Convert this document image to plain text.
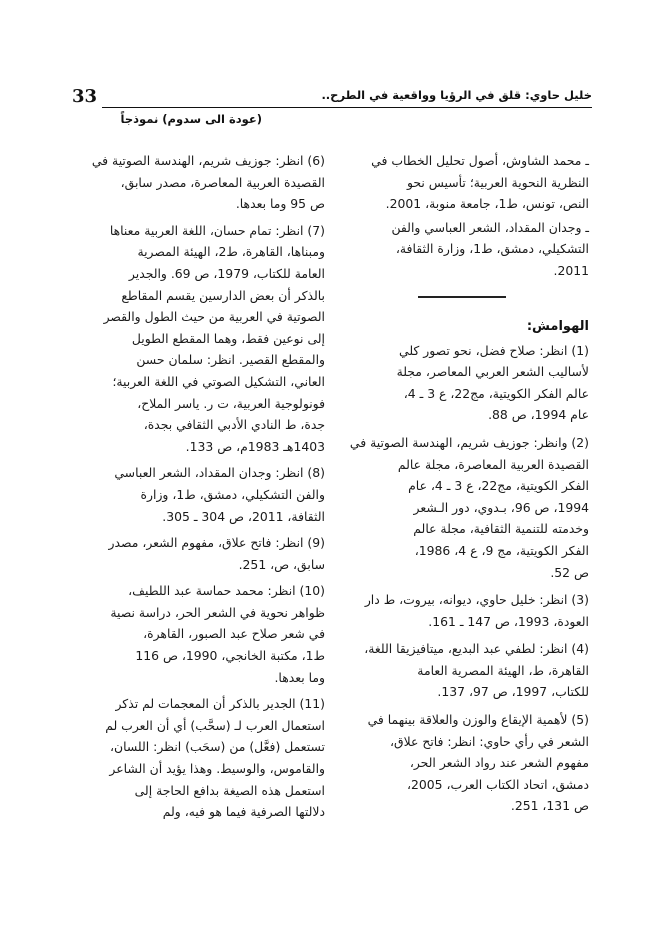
33	خليل حاوي: قلق في الرؤيا وواقعية في الطرح..
(عودة الى سدوم) نموذجاً
ـ محمد الشاوش، أصول تحليل الخطاب في
النظرية النحوية العربية؛ تأسيس نحو
النص، تونس، ط1، جامعة منوبة، 2001.
ـ وجدان المقداد، الشعر العباسي والفن
التشكيلي، دمشق، ط1، وزارة الثقافة،
2011.
الهوامش:
(1) انظر: صلاح فضل، نحو تصور كلي
لأساليب الشعر العربي المعاصر، مجلة
عالم الفكر الكويتية، مج22، ع 3 ـ 4،
عام 1994، ص 88.
(2) وانظر: جوزيف شريم، الهندسة الصوتية في
القصيدة العربية المعاصرة، مجلة عالم
الفكر الكويتية، مج22، ع 3 ـ 4، عام
1994، ص 96، بـدوي، دور الـشعر
وخدمته للتنمية الثقافية، مجلة عالم
الفكر الكويتية، مج 9، ع 4، 1986،
ص 52.
(3) انظر: خليل حاوي، ديوانه، بيروت، ط دار
العودة، 1993، ص 147 ـ 161.
(4) انظر: لطفي عبد البديع، ميتافيزيقا اللغة،
القاهرة، ط، الهيئة المصرية العامة
للكتاب، 1997، ص 97، 137.
(5) لأهمية الإيقاع والوزن والعلاقة بينهما في
الشعر في رأي حاوي: انظر: فاتح علاق،
مفهوم الشعر عند رواد الشعر الحر،
دمشق، اتحاد الكتاب العرب، 2005،
ص 131، 251.
(6) انظر: جوزيف شريم، الهندسة الصوتية في
القصيدة العربية المعاصرة، مصدر سابق،
ص 95 وما بعدها.
(7) انظر: تمام حسان، اللغة العربية معناها
ومبناها، القاهرة، ط2، الهيئة المصرية
العامة للكتاب، 1979، ص 69. والجدير
بالذكر أن بعض الدارسين يقسم المقاطع
الصوتية في العربية من حيث الطول والقصر
إلى نوعين فقط، وهما المقطع الطويل
والمقطع القصير. انظر: سلمان حسن
العاني، التشكيل الصوتي في اللغة العربية؛
فونولوجية العربية، ت ر. ياسر الملاح،
جدة، ط النادي الأدبي الثقافي بجدة،
1403هـ 1983م، ص 133.
(8) انظر: وجدان المقداد، الشعر العباسي
والفن التشكيلي، دمشق، ط1، وزارة
الثقافة، 2011، ص 304 ـ 305.
(9) انظر: فاتح علاق، مفهوم الشعر، مصدر
سابق، ص، 251.
(10) انظر: محمد حماسة عبد اللطيف،
ظواهر نحوية في الشعر الحر، دراسة نصية
في شعر صلاح عبد الصبور، القاهرة،
ط1، مكتبة الخانجي، 1990، ص 116
وما بعدها.
(11) الجدير بالذكر أن المعجمات لم تذكر
استعمال العرب لـ (سحَّب) أي أن العرب لم
تستعمل (فعَّل) من (سحَب) انظر: اللسان،
والقاموس، والوسيط. وهذا يؤيد أن الشاعر
استعمل هذه الصيغة بدافع الحاجة إلى
دلالتها الصرفية فيما هو فيه، ولم
